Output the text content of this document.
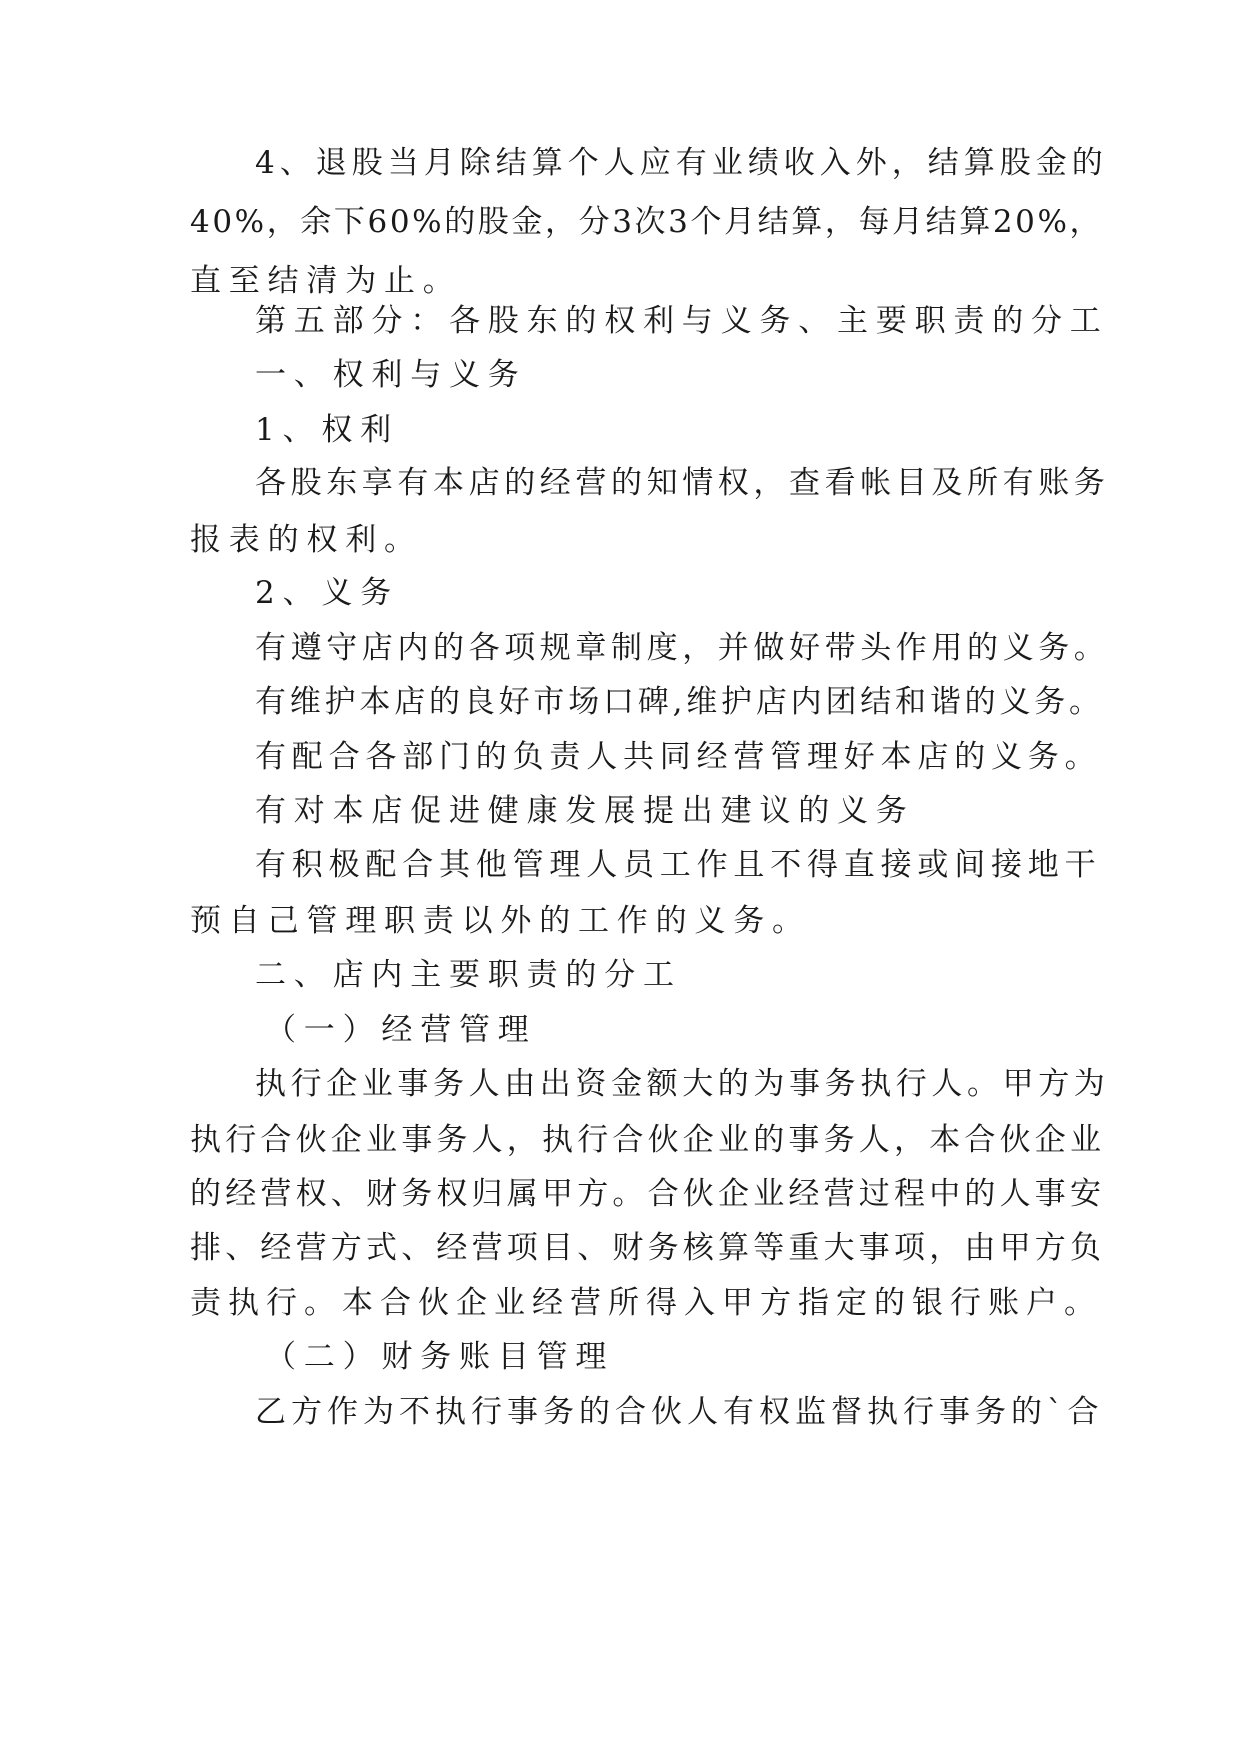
4、退股当月除结算个人应有业绩收入外，结算股金的
40%，余下60%的股金，分3次3个月结算，每月结算20%，
直至结清为止。
第五部分：各股东的权利与义务、主要职责的分工
一、权利与义务
1、权利
各股东享有本店的经营的知情权，查看帐目及所有账务
报表的权利。
2、义务
有遵守店内的各项规章制度，并做好带头作用的义务。
有维护本店的良好市场口碑,维护店内团结和谐的义务。
有配合各部门的负责人共同经营管理好本店的义务。
有对本店促进健康发展提出建议的义务
有积极配合其他管理人员工作且不得直接或间接地干
预自己管理职责以外的工作的义务。
二、店内主要职责的分工
（一）经营管理
执行企业事务人由出资金额大的为事务执行人。甲方为
执行合伙企业事务人，执行合伙企业的事务人，本合伙企业
的经营权、财务权归属甲方。合伙企业经营过程中的人事安
排、经营方式、经营项目、财务核算等重大事项，由甲方负
责执行。本合伙企业经营所得入甲方指定的银行账户。
（二）财务账目管理
乙方作为不执行事务的合伙人有权监督执行事务的`合
